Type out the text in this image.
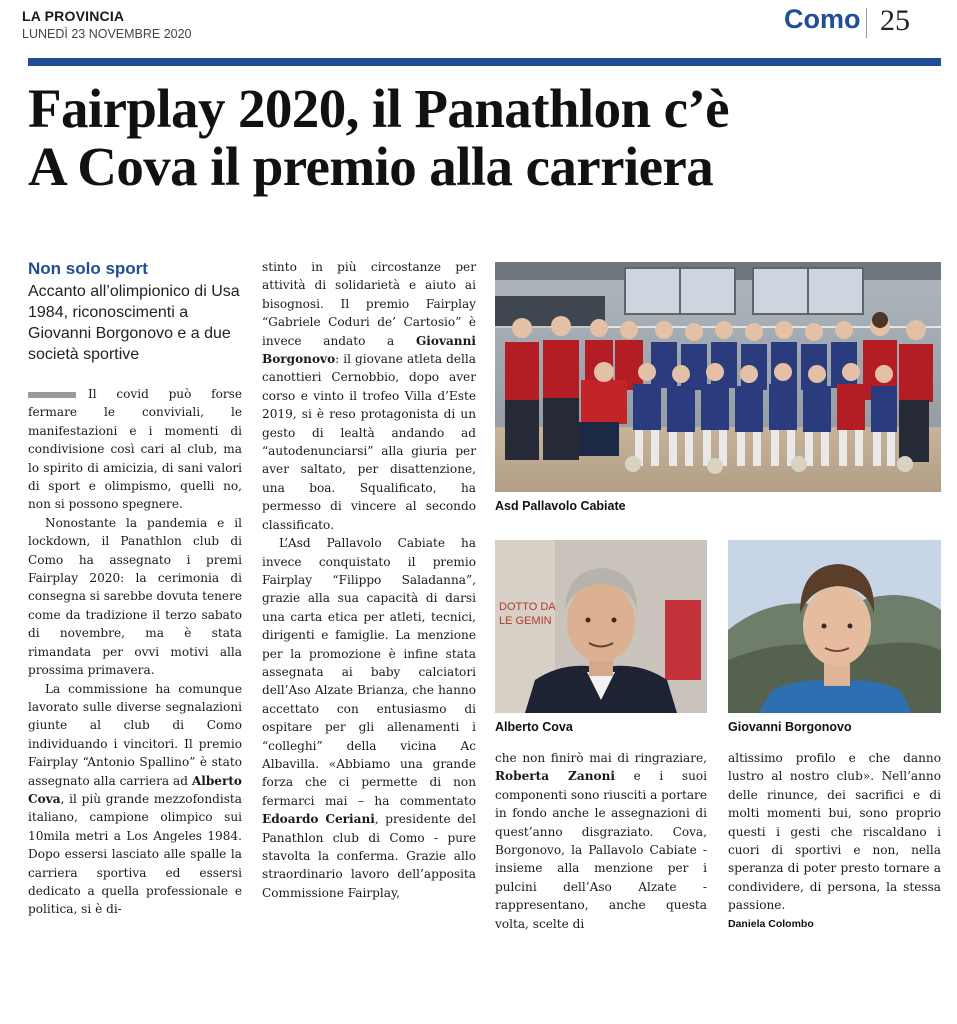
LA PROVINCIA
LUNEDÌ 23 NOVEMBRE 2020	Como 25
Fairplay 2020, il Panathlon c’è
A Cova il premio alla carriera
Non solo sport
Accanto all’olimpionico di Usa 1984, riconoscimenti a Giovanni Borgonovo e a due società sportive

Il covid può forse fermare le conviviali, le manifestazioni e i momenti di condivisione così cari al club, ma lo spirito di amicizia, di sani valori di sport e olimpismo, quelli no, non si possono spegnere.

Nonostante la pandemia e il lockdown, il Panathlon club di Como ha assegnato i premi Fairplay 2020: la cerimonia di consegna si sarebbe dovuta tenere come da tradizione il terzo sabato di novembre, ma è stata rimandata per ovvi motivi alla prossima primavera.

La commissione ha comunque lavorato sulle diverse segnalazioni giunte al club di Como individuando i vincitori. Il premio Fairplay “Antonio Spallino” è stato assegnato alla carriera ad Alberto Cova, il più grande mezzofondista italiano, campione olimpico sui 10mila metri a Los Angeles 1984. Dopo essersi lasciato alle spalle la carriera sportiva ed essersi dedicato a quella professionale e politica, si è di-

stinto in più circostanze per attività di solidarietà e aiuto ai bisognosi. Il premio Fairplay “Gabriele Coduri de’ Cartosio” è invece andato a Giovanni Borgonovo: il giovane atleta della canottieri Cernobbio, dopo aver corso e vinto il trofeo Villa d’Este 2019, si è reso protagonista di un gesto di lealtà andando ad “autodenunciarsi” alla giuria per aver saltato, per disattenzione, una boa. Squalificato, ha permesso di vincere al secondo classificato.

L’Asd Pallavolo Cabiate ha invece conquistato il premio Fairplay “Filippo Saladanna”, grazie alla sua capacità di darsi una carta etica per atleti, tecnici, dirigenti e famiglie. La menzione per la promozione è infine stata assegnata ai baby calciatori dell’Aso Alzate Brianza, che hanno accettato con entusiasmo di ospitare per gli allenamenti i “colleghi” della vicina Ac Albavilla. «Abbiamo una grande forza che ci permette di non fermarci mai – ha commentato Edoardo Ceriani, presidente del Panathlon club di Como - pure stavolta la conferma. Grazie allo straordinario lavoro dell’apposita Commissione Fairplay,

Asd Pallavolo Cabiate
DOTTO DA
LE GEMIN
Alberto Cova	Giovanni Borgonovo

che non finirò mai di ringraziare, Roberta Zanoni e i suoi componenti sono riusciti a portare in fondo anche le assegnazioni di quest’anno disgraziato. Cova, Borgonovo, la Pallavolo Cabiate - insieme alla menzione per i pulcini dell’Aso Alzate - rappresentano, anche questa volta, scelte di

altissimo profilo e che danno lustro al nostro club». Nell’anno delle rinunce, dei sacrifici e di molti momenti bui, sono proprio questi i gesti che riscaldano i cuori di sportivi e non, nella speranza di poter presto tornare a condividere, di persona, la stessa passione.

Daniela Colombo
